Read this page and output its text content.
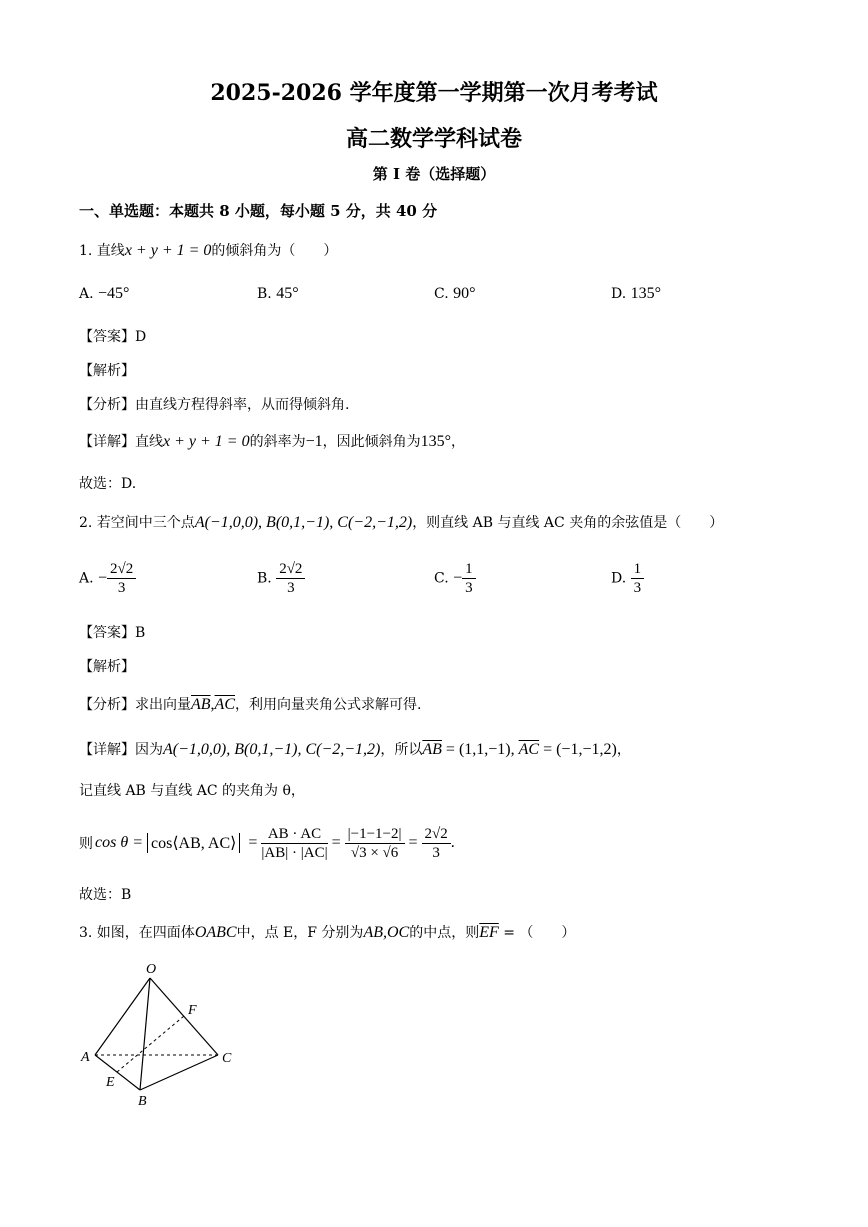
2025-2026 学年度第一学期第一次月考考试
高二数学学科试卷
第 I 卷（选择题）
一、单选题：本题共 8 小题，每小题 5 分，共 40 分
1. 直线x + y + 1 = 0的倾斜角为（　　）
A. −45°	B. 45°	C. 90°	D. 135°
【答案】D
【解析】
【分析】由直线方程得斜率，从而得倾斜角.
【详解】直线x + y + 1 = 0的斜率为−1，因此倾斜角为135°，
故选：D.
2. 若空间中三个点A(−1,0,0), B(0,1,−1), C(−2,−1,2)，则直线 AB 与直线 AC 夹角的余弦值是（　　）
A. − $\frac{2√2}{3}$	B. $\frac{2√2}{3}$	C. − $\frac{1}{3}$	D. $\frac{1}{3}$
【答案】B
【解析】
【分析】求出向量$\overline{AB},\overline{AC}$，利用向量夹角公式求解可得.
【详解】因为A(−1,0,0), B(0,1,−1), C(−2,−1,2)，所以$\overline{AB} = (1,1,-1)$, $\overline{AC} = (-1,-1,2)$，
记直线 AB 与直线 AC 的夹角为 θ，
则 cos θ = cos⟨AB, AC⟩ = $\frac{AB \cdot AC}{|AB| \cdot |AC|} = \frac{|-1-1-2|}{√3 \times √6} = \frac{2√2}{3}$ .
故选：B
3. 如图，在四面体OABC中，点 E，F 分别为AB,OC的中点，则$\overline{EF}$ = （　　）
O
A	C
B
E
F
